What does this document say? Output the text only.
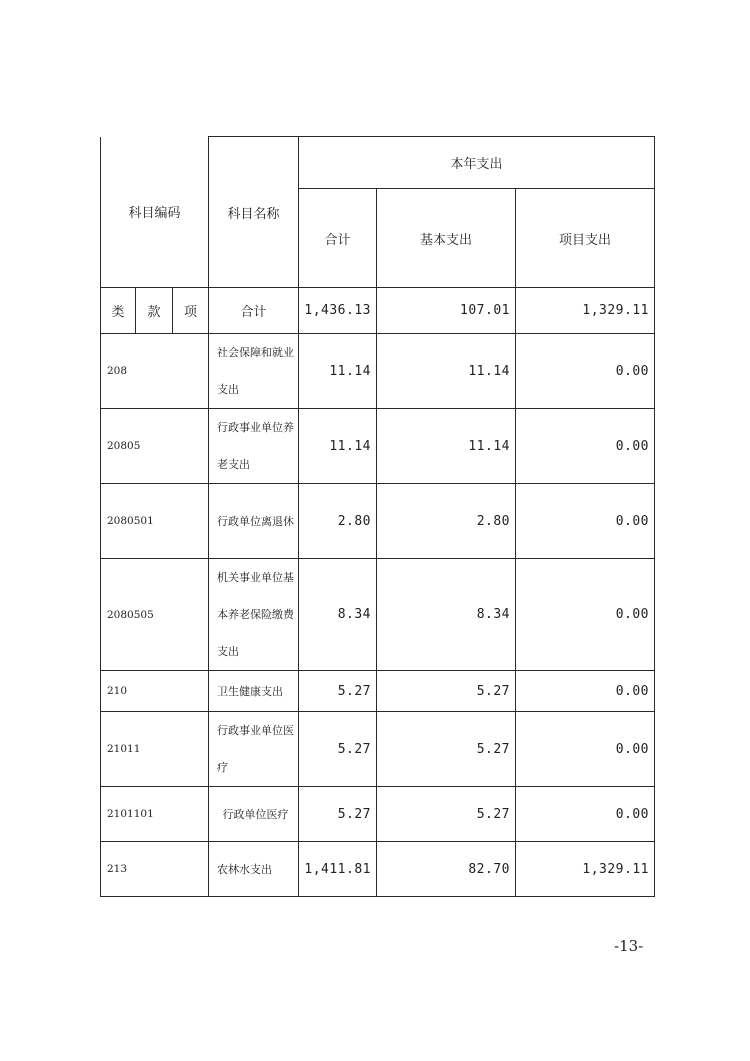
科目编码			科目名称	本年支出		
				合计	基本支出	项目支出
类	款	项	合计	1,436.13	107.01	1,329.11
208			社会保障和就业支出	11.14	11.14	0.00
20805			行政事业单位养老支出	11.14	11.14	0.00
2080501			行政单位离退休	2.80	2.80	0.00
2080505			机关事业单位基本养老保险缴费支出	8.34	8.34	0.00
210			卫生健康支出	5.27	5.27	0.00
21011			行政事业单位医疗	5.27	5.27	0.00
2101101			行政单位医疗	5.27	5.27	0.00
213			农林水支出	1,411.81	82.70	1,329.11
-13-
